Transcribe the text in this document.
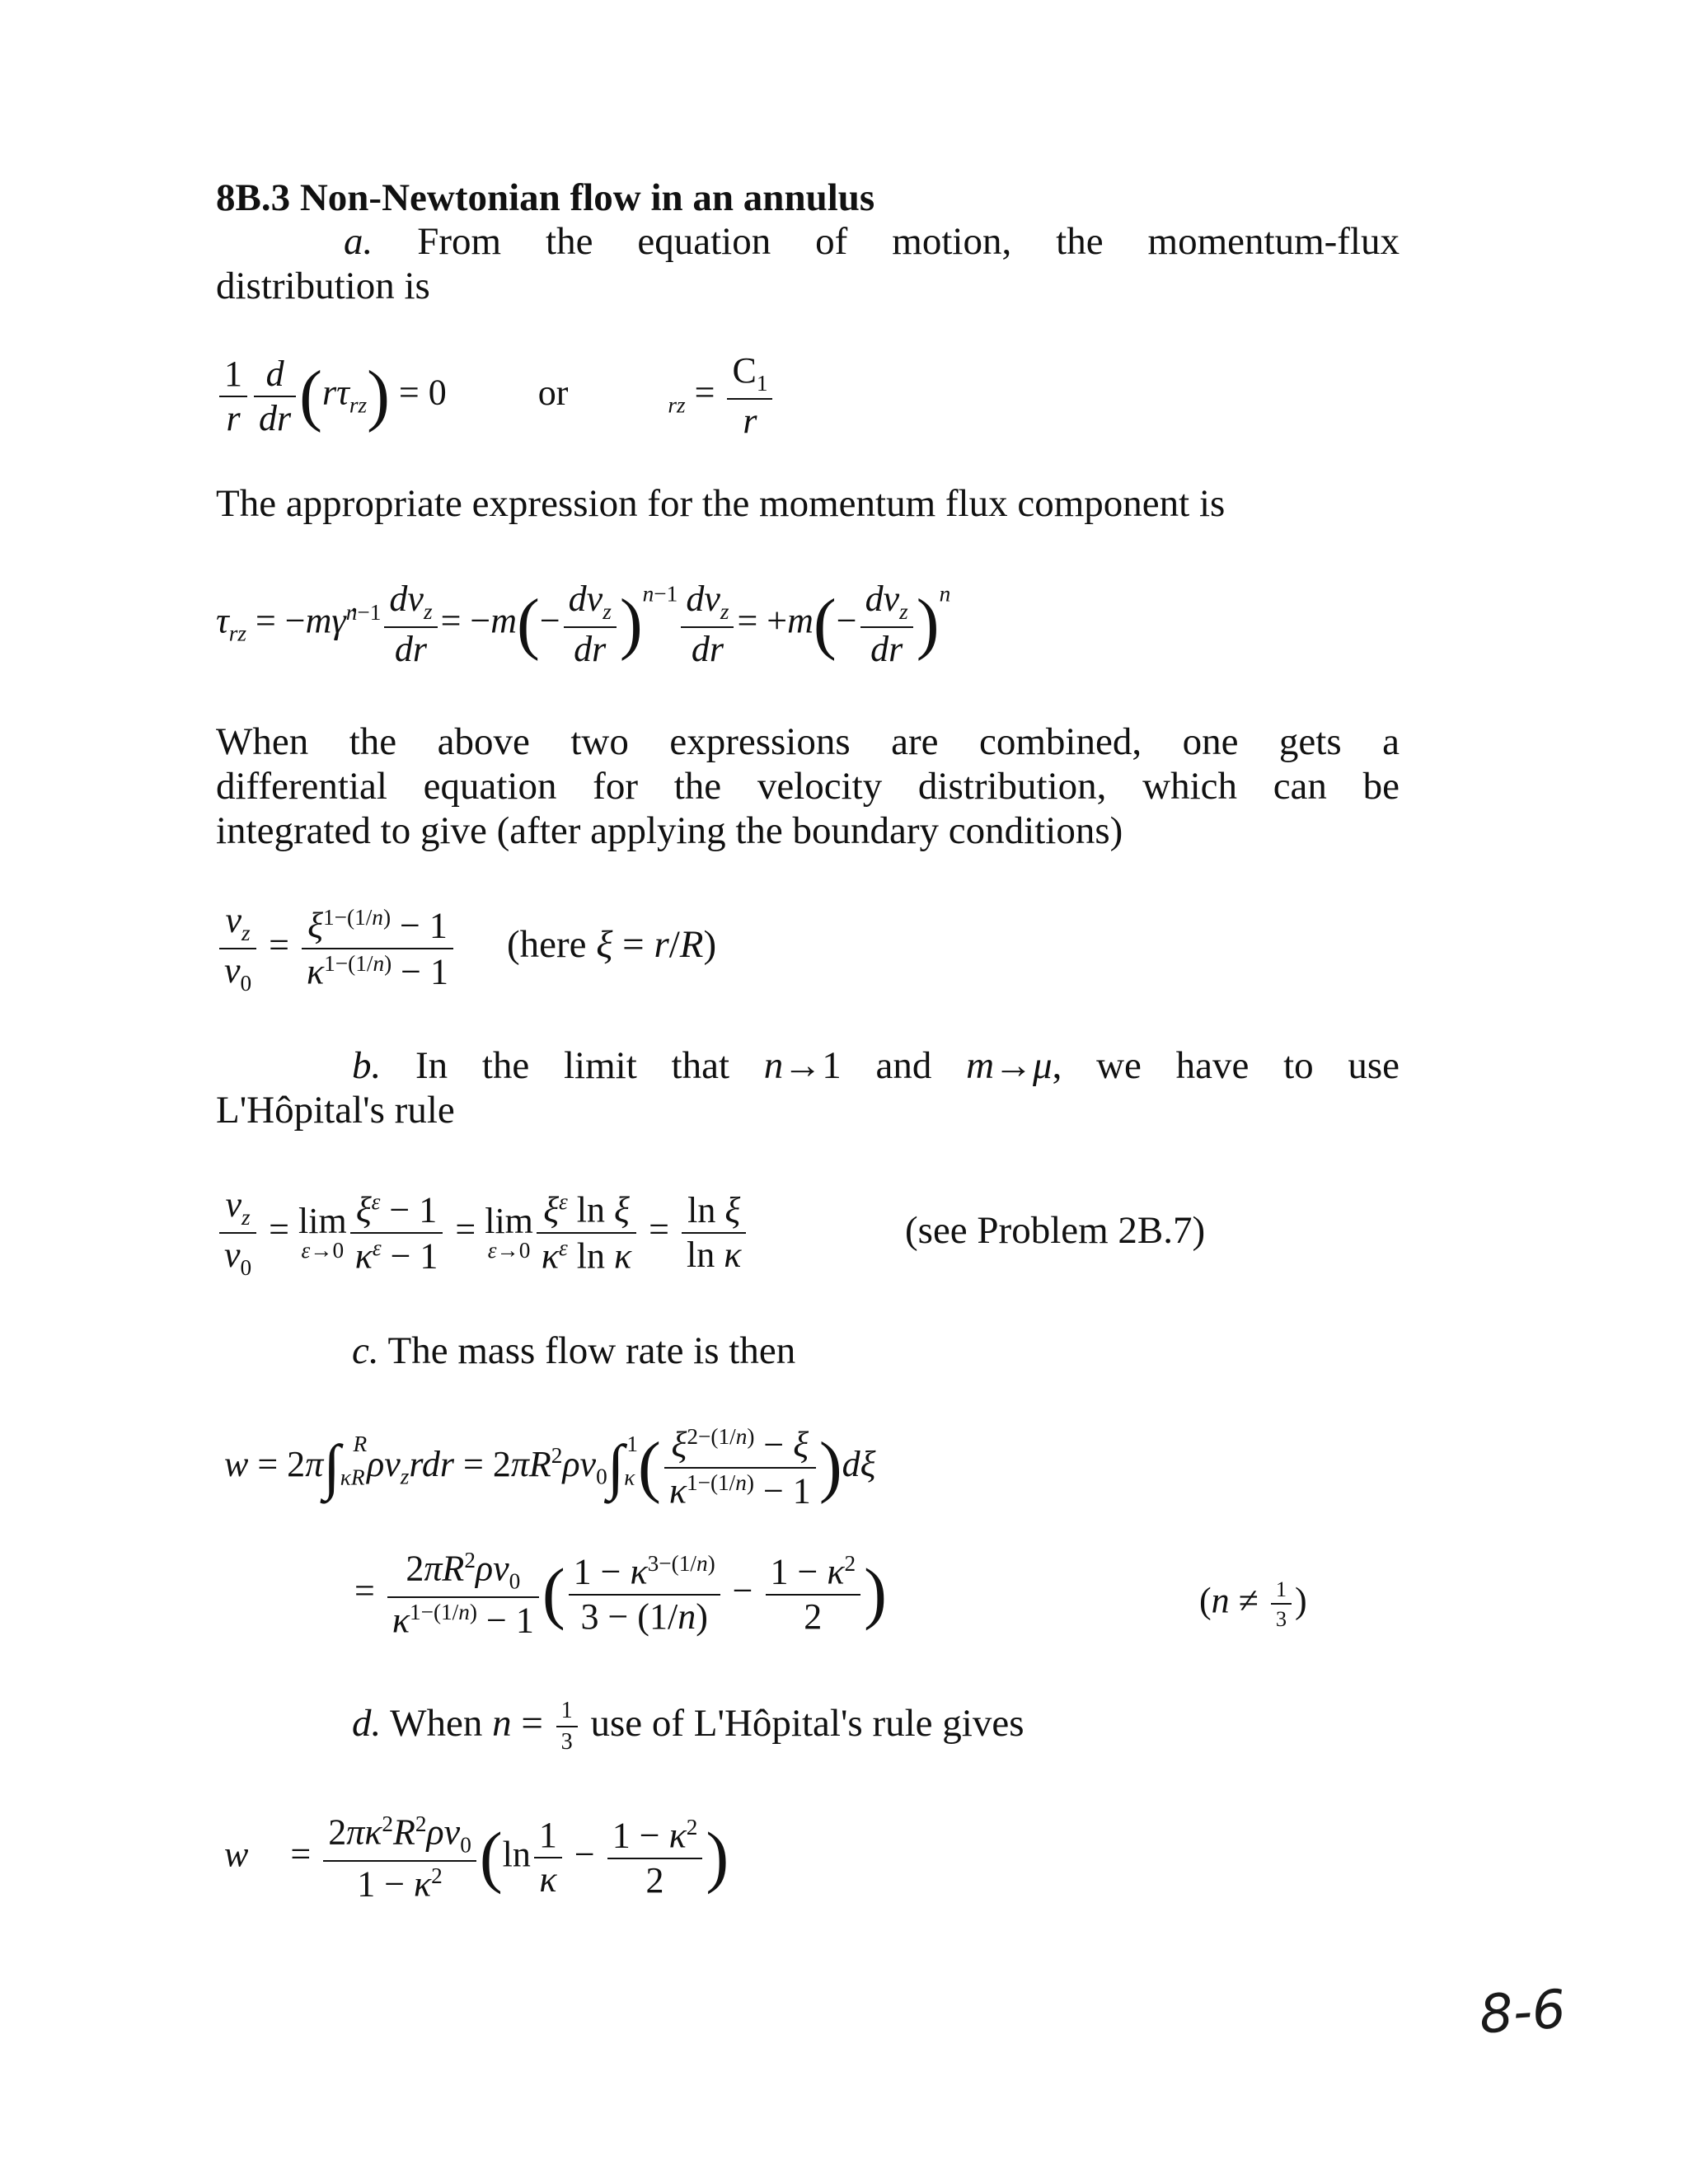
8B.3 Non-Newtonian flow in an annulus
a. From the equation of motion, the momentum-flux
distribution is
$\frac{1}{r} \frac{d}{dr} (r\tau_{rz}) = 0$ or	$_{rz} = \frac{C_1}{r}$
The appropriate expression for the momentum flux component is
$\tau_{rz}$ = −mγ̇$^{n-1}$ $\frac{dv_z}{dr} = -m(- \frac{dv_z}{dr} )^{n-1} \frac{dv_z}{dr} = +m(- \frac{dv_z}{dr} )^n$
When the above two expressions are combined, one gets a
differential equation for the velocity distribution, which can be
integrated to give (after applying the boundary conditions)
$\frac{v_z}{v_0} = \frac{\xi^{1-(1/n)} - 1}{\kappa^{1-(1/n)} - 1}$ (here ξ = r/R)
b. In the limit that n→1 and m→μ, we have to use
L'Hôpital's rule
$\frac{v_z}{v_0} = \lim$
$\varepsilon\to 0 \frac{\xi^\varepsilon - 1}{\kappa^\varepsilon - 1} = \lim$
$\varepsilon\to 0 \frac{\xi^\varepsilon \ln \xi}{\kappa^\varepsilon \ln \kappa} = \frac{\text{ln ξ}}{\text{ln κ}}$	(see Problem 2B.7)
c. The mass flow rate is then
$w = 2\pi\int_{\kappa R}^R\rho v_zrdr = 2\pi R^2\rho v_0\int_\kappa^1( \frac{\xi^{2-(1/n)} - \xi}{\kappa^{1-(1/n)} - 1} )d\xi$
= $\frac{2\pi R^2\rho v_0}{\kappa^{1-(1/n)} - 1}$ ( $\frac{1 - \kappa^{3-(1/n)}}{3 - (1/n)} - \frac{1 - \kappa^2}{2}$ )	($n \ne \frac{1}{3}$ )
d. When $n = \frac{1}{3}$ use of L'Hôpital's rule gives
$w = \frac{2\pi\kappa^2R^2\rho v_0}{1 - \kappa^2} (\ln \frac{1}{\kappa} - \frac{1 - \kappa^2}{2}$ )
8-6
